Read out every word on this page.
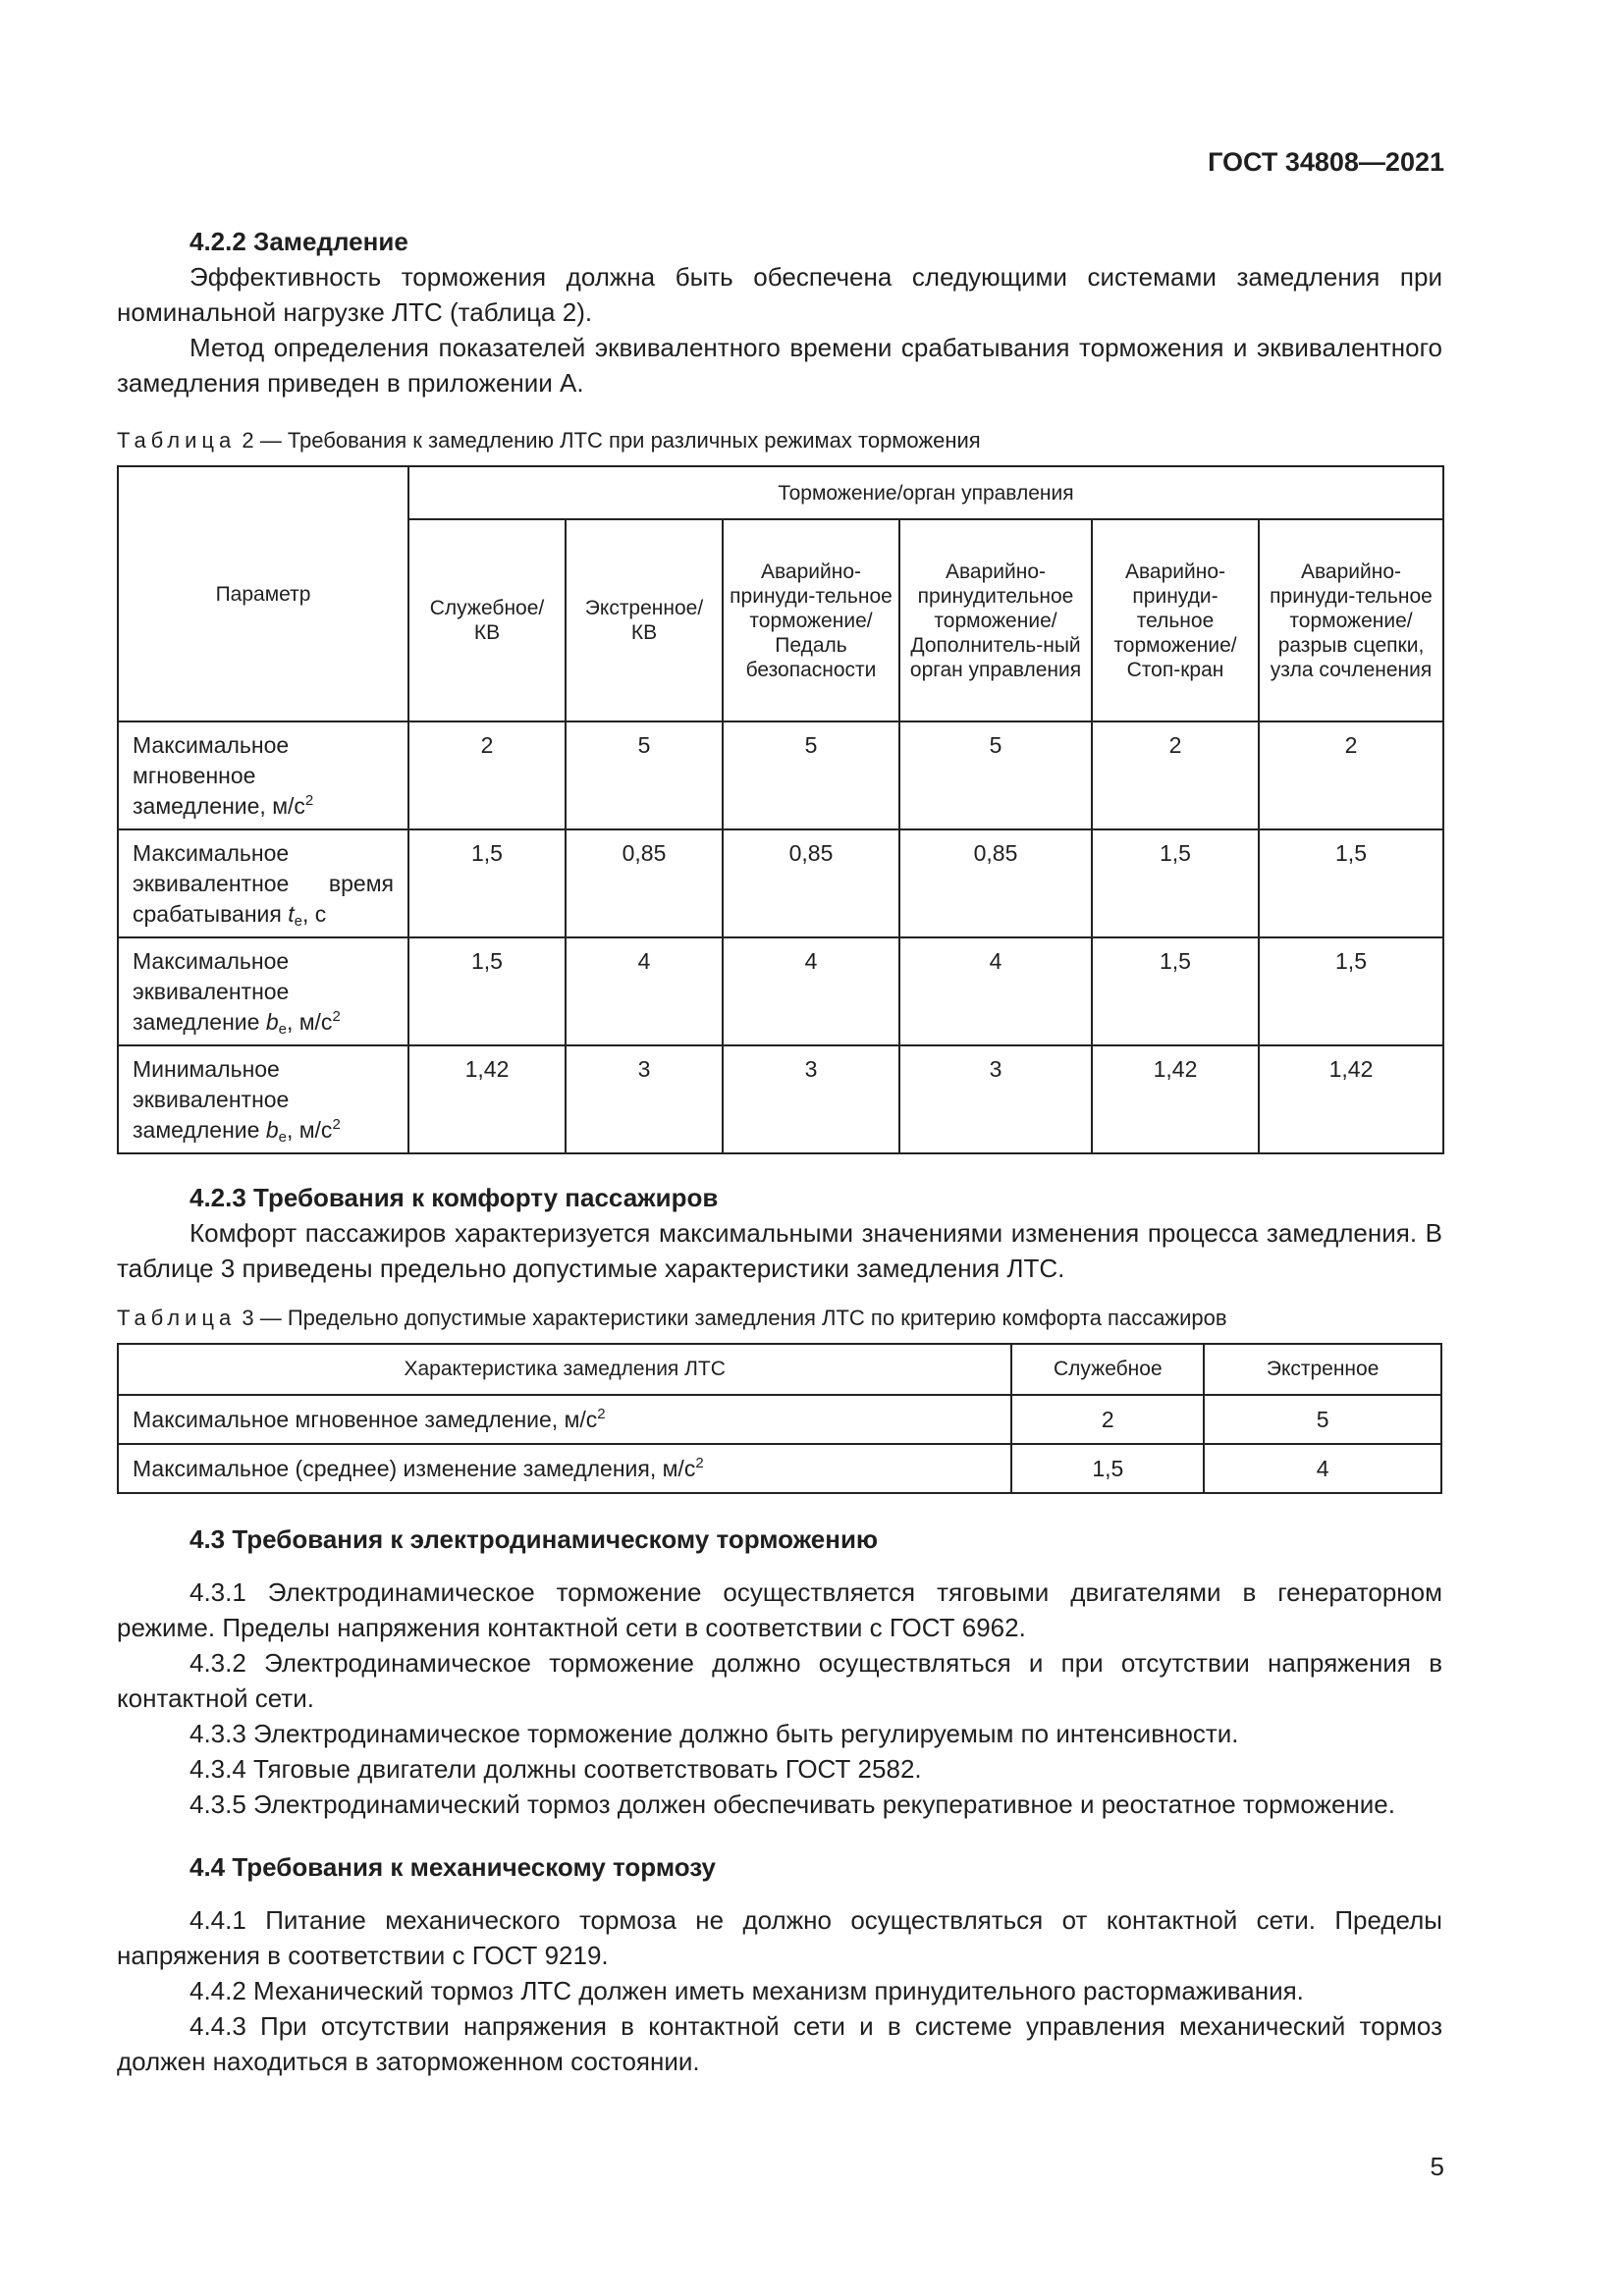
ГОСТ 34808—2021
4.2.2 Замедление

Эффективность торможения должна быть обеспечена следующими системами замедления при номинальной нагрузке ЛТС (таблица 2).

Метод определения показателей эквивалентного времени срабатывания торможения и эквивалентного замедления приведен в приложении А.

Таблица 2 — Требования к замедлению ЛТС при различных режимах торможения
Параметр	Торможение/орган управления					
	Служебное/ КВ	Экстренное/ КВ	Аварийно-принуди-тельное торможение/ Педаль безопасности	Аварийно-принудительное торможение/ Дополнитель-ный орган управления	Аварийно-принуди-тельное торможение/ Стоп-кран	Аварийно-принуди-тельное торможение/ разрыв сцепки, узла сочленения
Максимальное мгновенное замедление, $м/с^2$	2	5	5	5	2	2
Максимальное эквивалентное время срабатывания $t_e$, с	1,5	0,85	0,85	0,85	1,5	1,5
Максимальное эквивалентное замедление $b_e$, $м/с^2$	1,5	4	4	4	1,5	1,5
Минимальное эквивалентное замедление $b_e$, $м/с^2$	1,42	3	3	3	1,42	1,42
4.2.3 Требования к комфорту пассажиров

Комфорт пассажиров характеризуется максимальными значениями изменения процесса замедления. В таблице 3 приведены предельно допустимые характеристики замедления ЛТС.

Таблица 3 — Предельно допустимые характеристики замедления ЛТС по критерию комфорта пассажиров
Характеристика замедления ЛТС	Служебное	Экстренное
Максимальное мгновенное замедление, $м/с^2$	2	5
Максимальное (среднее) изменение замедления, $м/с^2$	1,5	4
4.3 Требования к электродинамическому торможению

4.3.1 Электродинамическое торможение осуществляется тяговыми двигателями в генераторном режиме. Пределы напряжения контактной сети в соответствии с ГОСТ 6962.

4.3.2 Электродинамическое торможение должно осуществляться и при отсутствии напряжения в контактной сети.

4.3.3 Электродинамическое торможение должно быть регулируемым по интенсивности.

4.3.4 Тяговые двигатели должны соответствовать ГОСТ 2582.

4.3.5 Электродинамический тормоз должен обеспечивать рекуперативное и реостатное торможение.

4.4 Требования к механическому тормозу

4.4.1 Питание механического тормоза не должно осуществляться от контактной сети. Пределы напряжения в соответствии с ГОСТ 9219.

4.4.2 Механический тормоз ЛТС должен иметь механизм принудительного растормаживания.

4.4.3 При отсутствии напряжения в контактной сети и в системе управления механический тормоз должен находиться в заторможенном состоянии.

5
